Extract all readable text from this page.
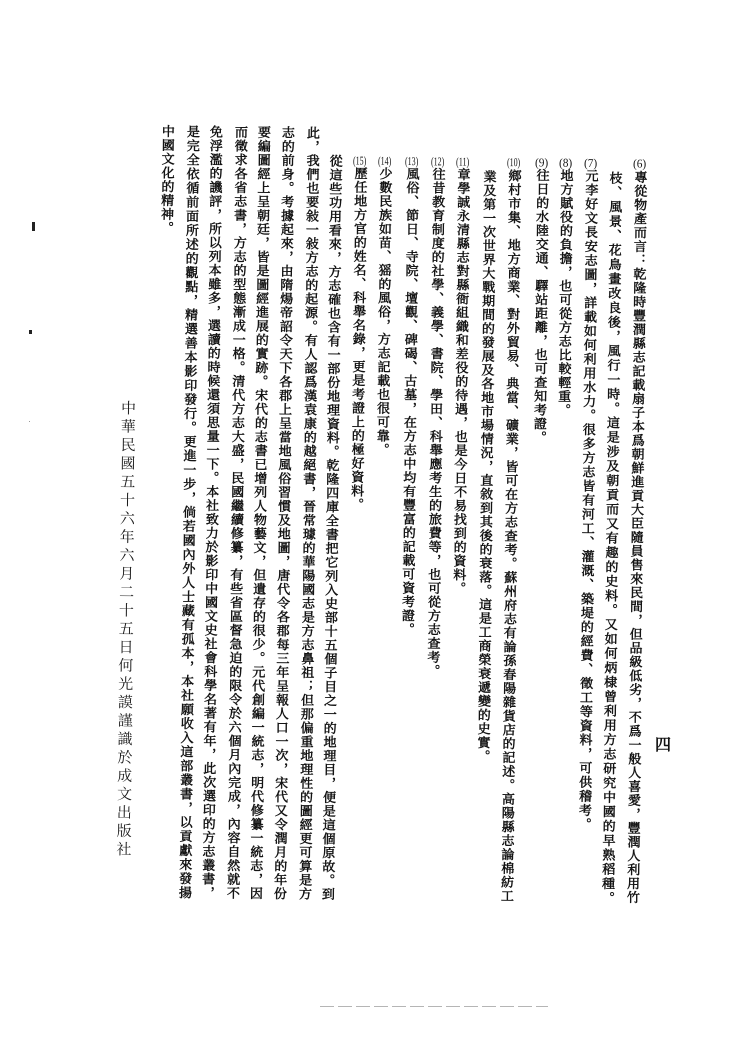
四
(6)專從物產而言：乾隆時豐潤縣志記載扇子本爲朝鮮進貢大臣隨員售來民間，但品級低劣，不爲一般人喜愛，豐潤人利用竹
枝、風景、花鳥畫改良後，風行一時。這是涉及朝貢而又有趣的史料。又如何炳棣曾利用方志研究中國的早熟稻種。
(7)元李好文長安志圖，詳載如何利用水力。很多方志皆有河工、灌溉、築堤的經費、徵工等資料，可供稽考。
(8)地方賦役的負擔，也可從方志比較輕重。
(9)往日的水陸交通、驛站距離，也可查知考證。
(10)鄉村市集、地方商業、對外貿易、典當、礦業，皆可在方志查考。蘇州府志有論孫春陽雜貨店的記述。高陽縣志論棉紡工
業及第一次世界大戰期間的發展及各地市場情況，直敘到其後的衰落。這是工商榮衰遞變的史實。
(11)章學誠永清縣志對縣衙組織和差役的待遇，也是今日不易找到的資料。
(12)往昔教育制度的社學、義學、書院、學田、科舉應考生的旅費等，也可從方志查考。
(13)風俗、節日、寺院、壇觀、碑碣、古墓，在方志中均有豐富的記載可資考證。
(14)少數民族如苗、猺的風俗，方志記載也很可靠。
(15)歷任地方官的姓名、科舉名錄，更是考證上的極好資料。
從這些功用看來，方志確也含有一部份地理資料。乾隆四庫全書把它列入史部十五個子目之一的地理目，便是這個原故。到
此，我們也要敍一敍方志的起源。有人認爲漢袁康的越絕書，晉常璩的華陽國志是方志鼻祖；但那偏重地理性的圖經更可算是方
志的前身。考據起來，由隋煬帝詔令天下各郡上呈當地風俗習慣及地圖，唐代令各郡每三年呈報人口一次，宋代又令潤月的年份
要編圖經上呈朝廷，皆是圖經進展的實跡。宋代的志書已增列人物藝文，但遺存的很少。元代創編一統志，明代修纂一統志，因
而徵求各省志書，方志的型態漸成一格。清代方志大盛，民國繼續修纂，有些省區督急迫的限令於六個月內完成，內容自然就不
免浮濫的譏評，所以列本雖多，選讀的時候還須思量一下。本社致力於影印中國文史社會科學名著有年，此次選印的方志叢書，
是完全依循前面所述的觀點，精選善本影印發行。更進一步，倘若國內外人士藏有孤本，本社願收入這部叢書，以貢獻來發揚
中國文化的精神。
中華民國五十六年六月二十五日何光謨謹識於成文出版社
